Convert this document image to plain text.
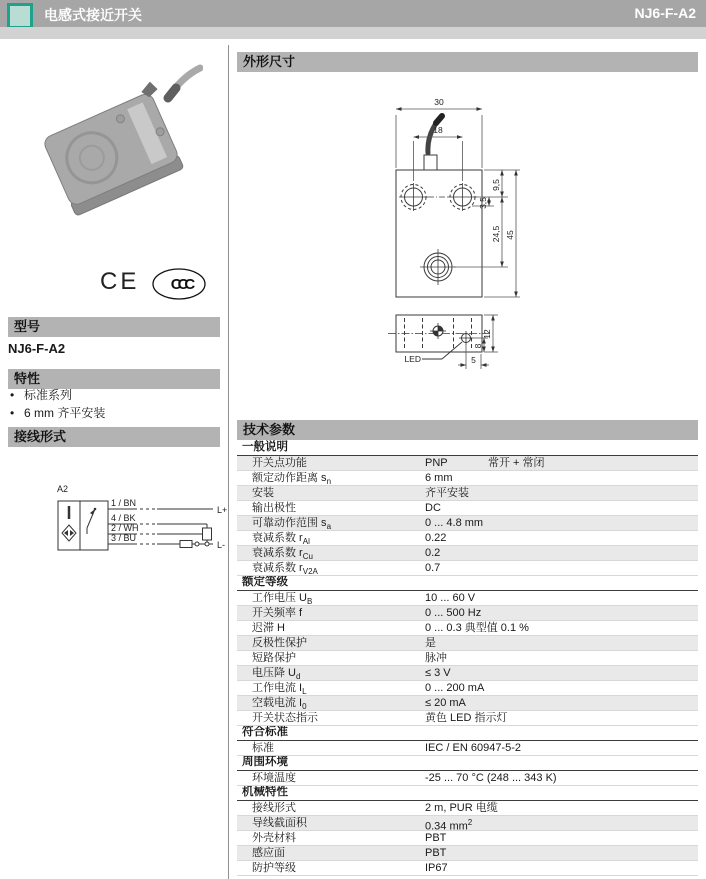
电感式接近开关	NJ6-F-A2
CE CCC
型号
NJ6-F-A2
特性
• 标准系列
• 6 mm 齐平安装
接线形式
A2
1 / BN
4 / BK
2 / WH
3 / BU
L+
L-
外形尺寸
30
18
9,5
3,5
24,5 45
12
8
5
LED
技术参数
一般说明
开关点功能	PNP	常开 + 常闭
额定动作距离 $s_n$	6 mm
安装	齐平安装
输出极性	DC
可靠动作范围 $s_a$	0 ... 4.8 mm
衰减系数 $r_{Al}$	0.22
衰减系数 $r_{Cu}$	0.2
衰减系数 $r_{V2A}$	0.7
额定等级
工作电压 $U_B$	10 ... 60 V
开关频率 f	0 ... 500 Hz
迟滞 H	0 ... 0.3 典型值 0.1 %
反极性保护	是
短路保护	脉冲
电压降 $U_d$	≤ 3 V
工作电流 $I_L$	0 ... 200 mA
空载电流 $I_0$	≤ 20 mA
开关状态指示	黄色 LED 指示灯
符合标准
标准	IEC / EN 60947-5-2
周围环境
环境温度	-25 ... 70 °C (248 ... 343 K)
机械特性
接线形式	2 m, PUR 电缆
导线截面积	0.34 $mm^2$
外壳材料	PBT
感应面	PBT
防护等级	IP67
